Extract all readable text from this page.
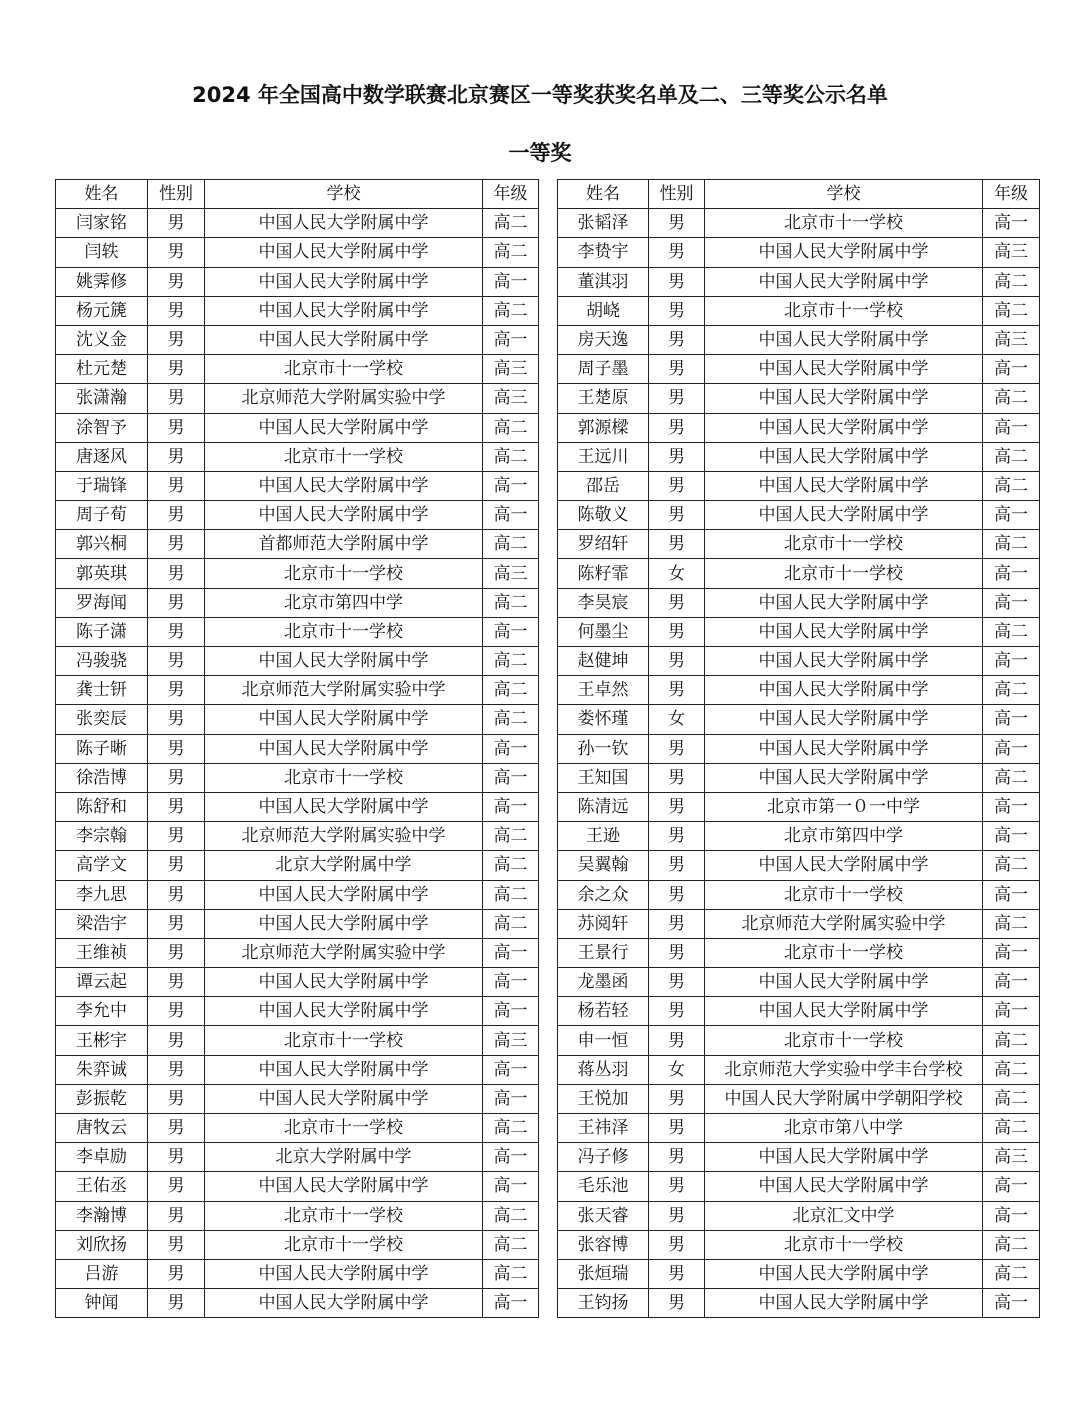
2024 年全国高中数学联赛北京赛区一等奖获奖名单及二、三等奖公示名单
一等奖
姓名	性别	学校	年级
闫家铭	男	中国人民大学附属中学	高二
闫轶	男	中国人民大学附属中学	高二
姚霁修	男	中国人民大学附属中学	高一
杨元篪	男	中国人民大学附属中学	高二
沈义金	男	中国人民大学附属中学	高一
杜元楚	男	北京市十一学校	高三
张潇瀚	男	北京师范大学附属实验中学	高三
涂智予	男	中国人民大学附属中学	高二
唐逐风	男	北京市十一学校	高二
于瑞锋	男	中国人民大学附属中学	高一
周子荀	男	中国人民大学附属中学	高一
郭兴桐	男	首都师范大学附属中学	高二
郭英琪	男	北京市十一学校	高三
罗海闻	男	北京市第四中学	高二
陈子潇	男	北京市十一学校	高一
冯骏骁	男	中国人民大学附属中学	高二
龚士钘	男	北京师范大学附属实验中学	高二
张奕辰	男	中国人民大学附属中学	高二
陈子晰	男	中国人民大学附属中学	高一
徐浩博	男	北京市十一学校	高一
陈舒和	男	中国人民大学附属中学	高一
李宗翰	男	北京师范大学附属实验中学	高二
高学文	男	北京大学附属中学	高二
李九思	男	中国人民大学附属中学	高二
梁浩宇	男	中国人民大学附属中学	高二
王维祯	男	北京师范大学附属实验中学	高一
谭云起	男	中国人民大学附属中学	高一
李允中	男	中国人民大学附属中学	高一
王彬宇	男	北京市十一学校	高三
朱弈诚	男	中国人民大学附属中学	高一
彭振乾	男	中国人民大学附属中学	高一
唐牧云	男	北京市十一学校	高二
李卓励	男	北京大学附属中学	高一
王佑丞	男	中国人民大学附属中学	高一
李瀚博	男	北京市十一学校	高二
刘欣扬	男	北京市十一学校	高二
吕游	男	中国人民大学附属中学	高二
钟闻	男	中国人民大学附属中学	高一
姓名	性别	学校	年级
张韬泽	男	北京市十一学校	高一
李贽宇	男	中国人民大学附属中学	高三
董淇羽	男	中国人民大学附属中学	高二
胡峣	男	北京市十一学校	高二
房天逸	男	中国人民大学附属中学	高三
周子墨	男	中国人民大学附属中学	高一
王楚原	男	中国人民大学附属中学	高二
郭源樑	男	中国人民大学附属中学	高一
王远川	男	中国人民大学附属中学	高二
邵岳	男	中国人民大学附属中学	高二
陈敬义	男	中国人民大学附属中学	高一
罗绍轩	男	北京市十一学校	高二
陈籽霏	女	北京市十一学校	高一
李昊宸	男	中国人民大学附属中学	高一
何墨尘	男	中国人民大学附属中学	高二
赵健坤	男	中国人民大学附属中学	高一
王卓然	男	中国人民大学附属中学	高二
娄怀瑾	女	中国人民大学附属中学	高一
孙一钦	男	中国人民大学附属中学	高一
王知国	男	中国人民大学附属中学	高二
陈清远	男	北京市第一０一中学	高一
王逊	男	北京市第四中学	高一
吴翼翰	男	中国人民大学附属中学	高二
余之众	男	北京市十一学校	高一
苏阅轩	男	北京师范大学附属实验中学	高二
王景行	男	北京市十一学校	高一
龙墨函	男	中国人民大学附属中学	高一
杨若轻	男	中国人民大学附属中学	高一
申一恒	男	北京市十一学校	高二
蒋丛羽	女	北京师范大学实验中学丰台学校	高二
王悦加	男	中国人民大学附属中学朝阳学校	高二
王祎泽	男	北京市第八中学	高二
冯子修	男	中国人民大学附属中学	高三
毛乐池	男	中国人民大学附属中学	高一
张天睿	男	北京汇文中学	高一
张容博	男	北京市十一学校	高二
张烜瑞	男	中国人民大学附属中学	高二
王钧扬	男	中国人民大学附属中学	高一
